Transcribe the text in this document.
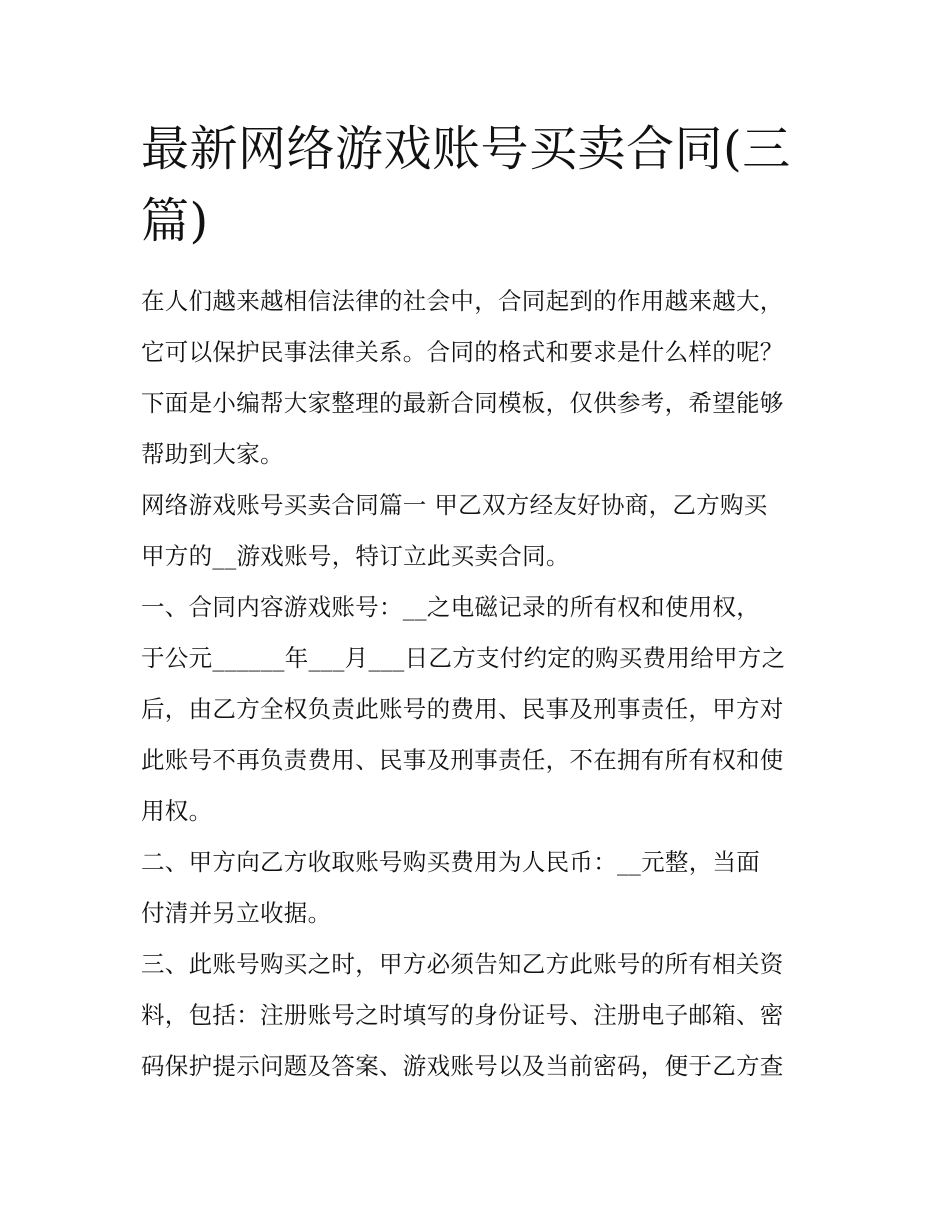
最新网络游戏账号买卖合同(三
篇)
在人们越来越相信法律的社会中，合同起到的作用越来越大，
它可以保护民事法律关系。合同的格式和要求是什么样的呢？
下面是小编帮大家整理的最新合同模板，仅供参考，希望能够
帮助到大家。
网络游戏账号买卖合同篇一 甲乙双方经友好协商，乙方购买
甲方的__游戏账号，特订立此买卖合同。
一、合同内容游戏账号：__之电磁记录的所有权和使用权，
于公元______年___月___日乙方支付约定的购买费用给甲方之
后，由乙方全权负责此账号的费用、民事及刑事责任，甲方对
此账号不再负责费用、民事及刑事责任，不在拥有所有权和使
用权。
二、甲方向乙方收取账号购买费用为人民币：__元整，当面
付清并另立收据。
三、此账号购买之时，甲方必须告知乙方此账号的所有相关资
料，包括：注册账号之时填写的身份证号、注册电子邮箱、密
码保护提示问题及答案、游戏账号以及当前密码，便于乙方查
